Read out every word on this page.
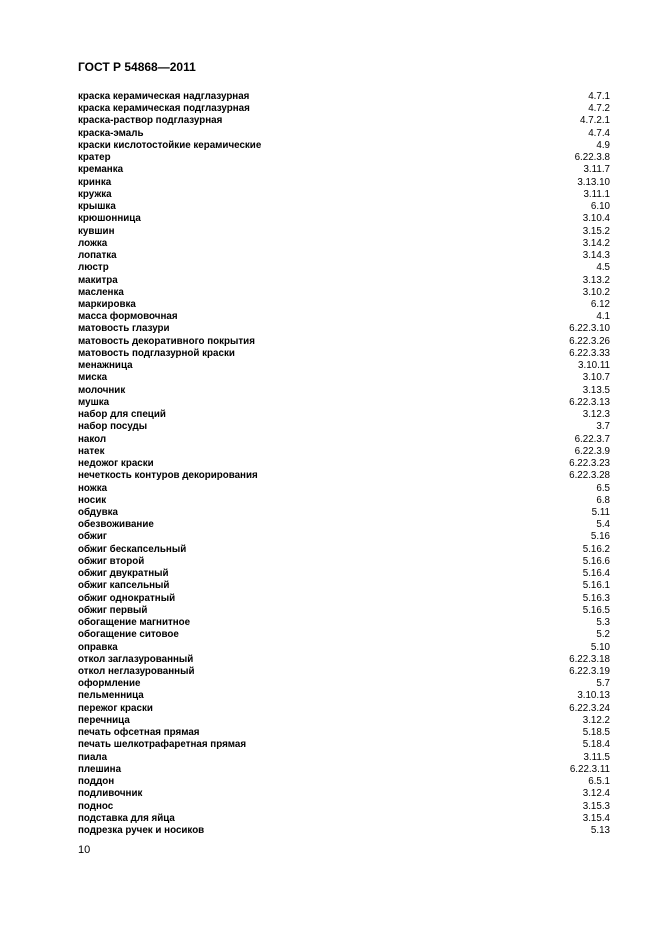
ГОСТ Р 54868—2011
краска керамическая надглазурная	4.7.1
краска керамическая подглазурная	4.7.2
краска-раствор подглазурная	4.7.2.1
краска-эмаль	4.7.4
краски кислотостойкие керамические	4.9
кратер	6.22.3.8
креманка	3.11.7
кринка	3.13.10
кружка	3.11.1
крышка	6.10
крюшонница	3.10.4
кувшин	3.15.2
ложка	3.14.2
лопатка	3.14.3
люстр	4.5
макитра	3.13.2
масленка	3.10.2
маркировка	6.12
масса формовочная	4.1
матовость глазури	6.22.3.10
матовость декоративного покрытия	6.22.3.26
матовость подглазурной краски	6.22.3.33
менажница	3.10.11
миска	3.10.7
молочник	3.13.5
мушка	6.22.3.13
набор для специй	3.12.3
набор посуды	3.7
накол	6.22.3.7
натек	6.22.3.9
недожог краски	6.22.3.23
нечеткость контуров декорирования	6.22.3.28
ножка	6.5
носик	6.8
обдувка	5.11
обезвоживание	5.4
обжиг	5.16
обжиг бескапсельный	5.16.2
обжиг второй	5.16.6
обжиг двукратный	5.16.4
обжиг капсельный	5.16.1
обжиг однократный	5.16.3
обжиг первый	5.16.5
обогащение магнитное	5.3
обогащение ситовое	5.2
оправка	5.10
откол заглазурованный	6.22.3.18
откол неглазурованный	6.22.3.19
оформление	5.7
пельменница	3.10.13
пережог краски	6.22.3.24
перечница	3.12.2
печать офсетная прямая	5.18.5
печать шелкотрафаретная прямая	5.18.4
пиала	3.11.5
плешина	6.22.3.11
поддон	6.5.1
подливочник	3.12.4
поднос	3.15.3
подставка для яйца	3.15.4
подрезка ручек и носиков	5.13
10
